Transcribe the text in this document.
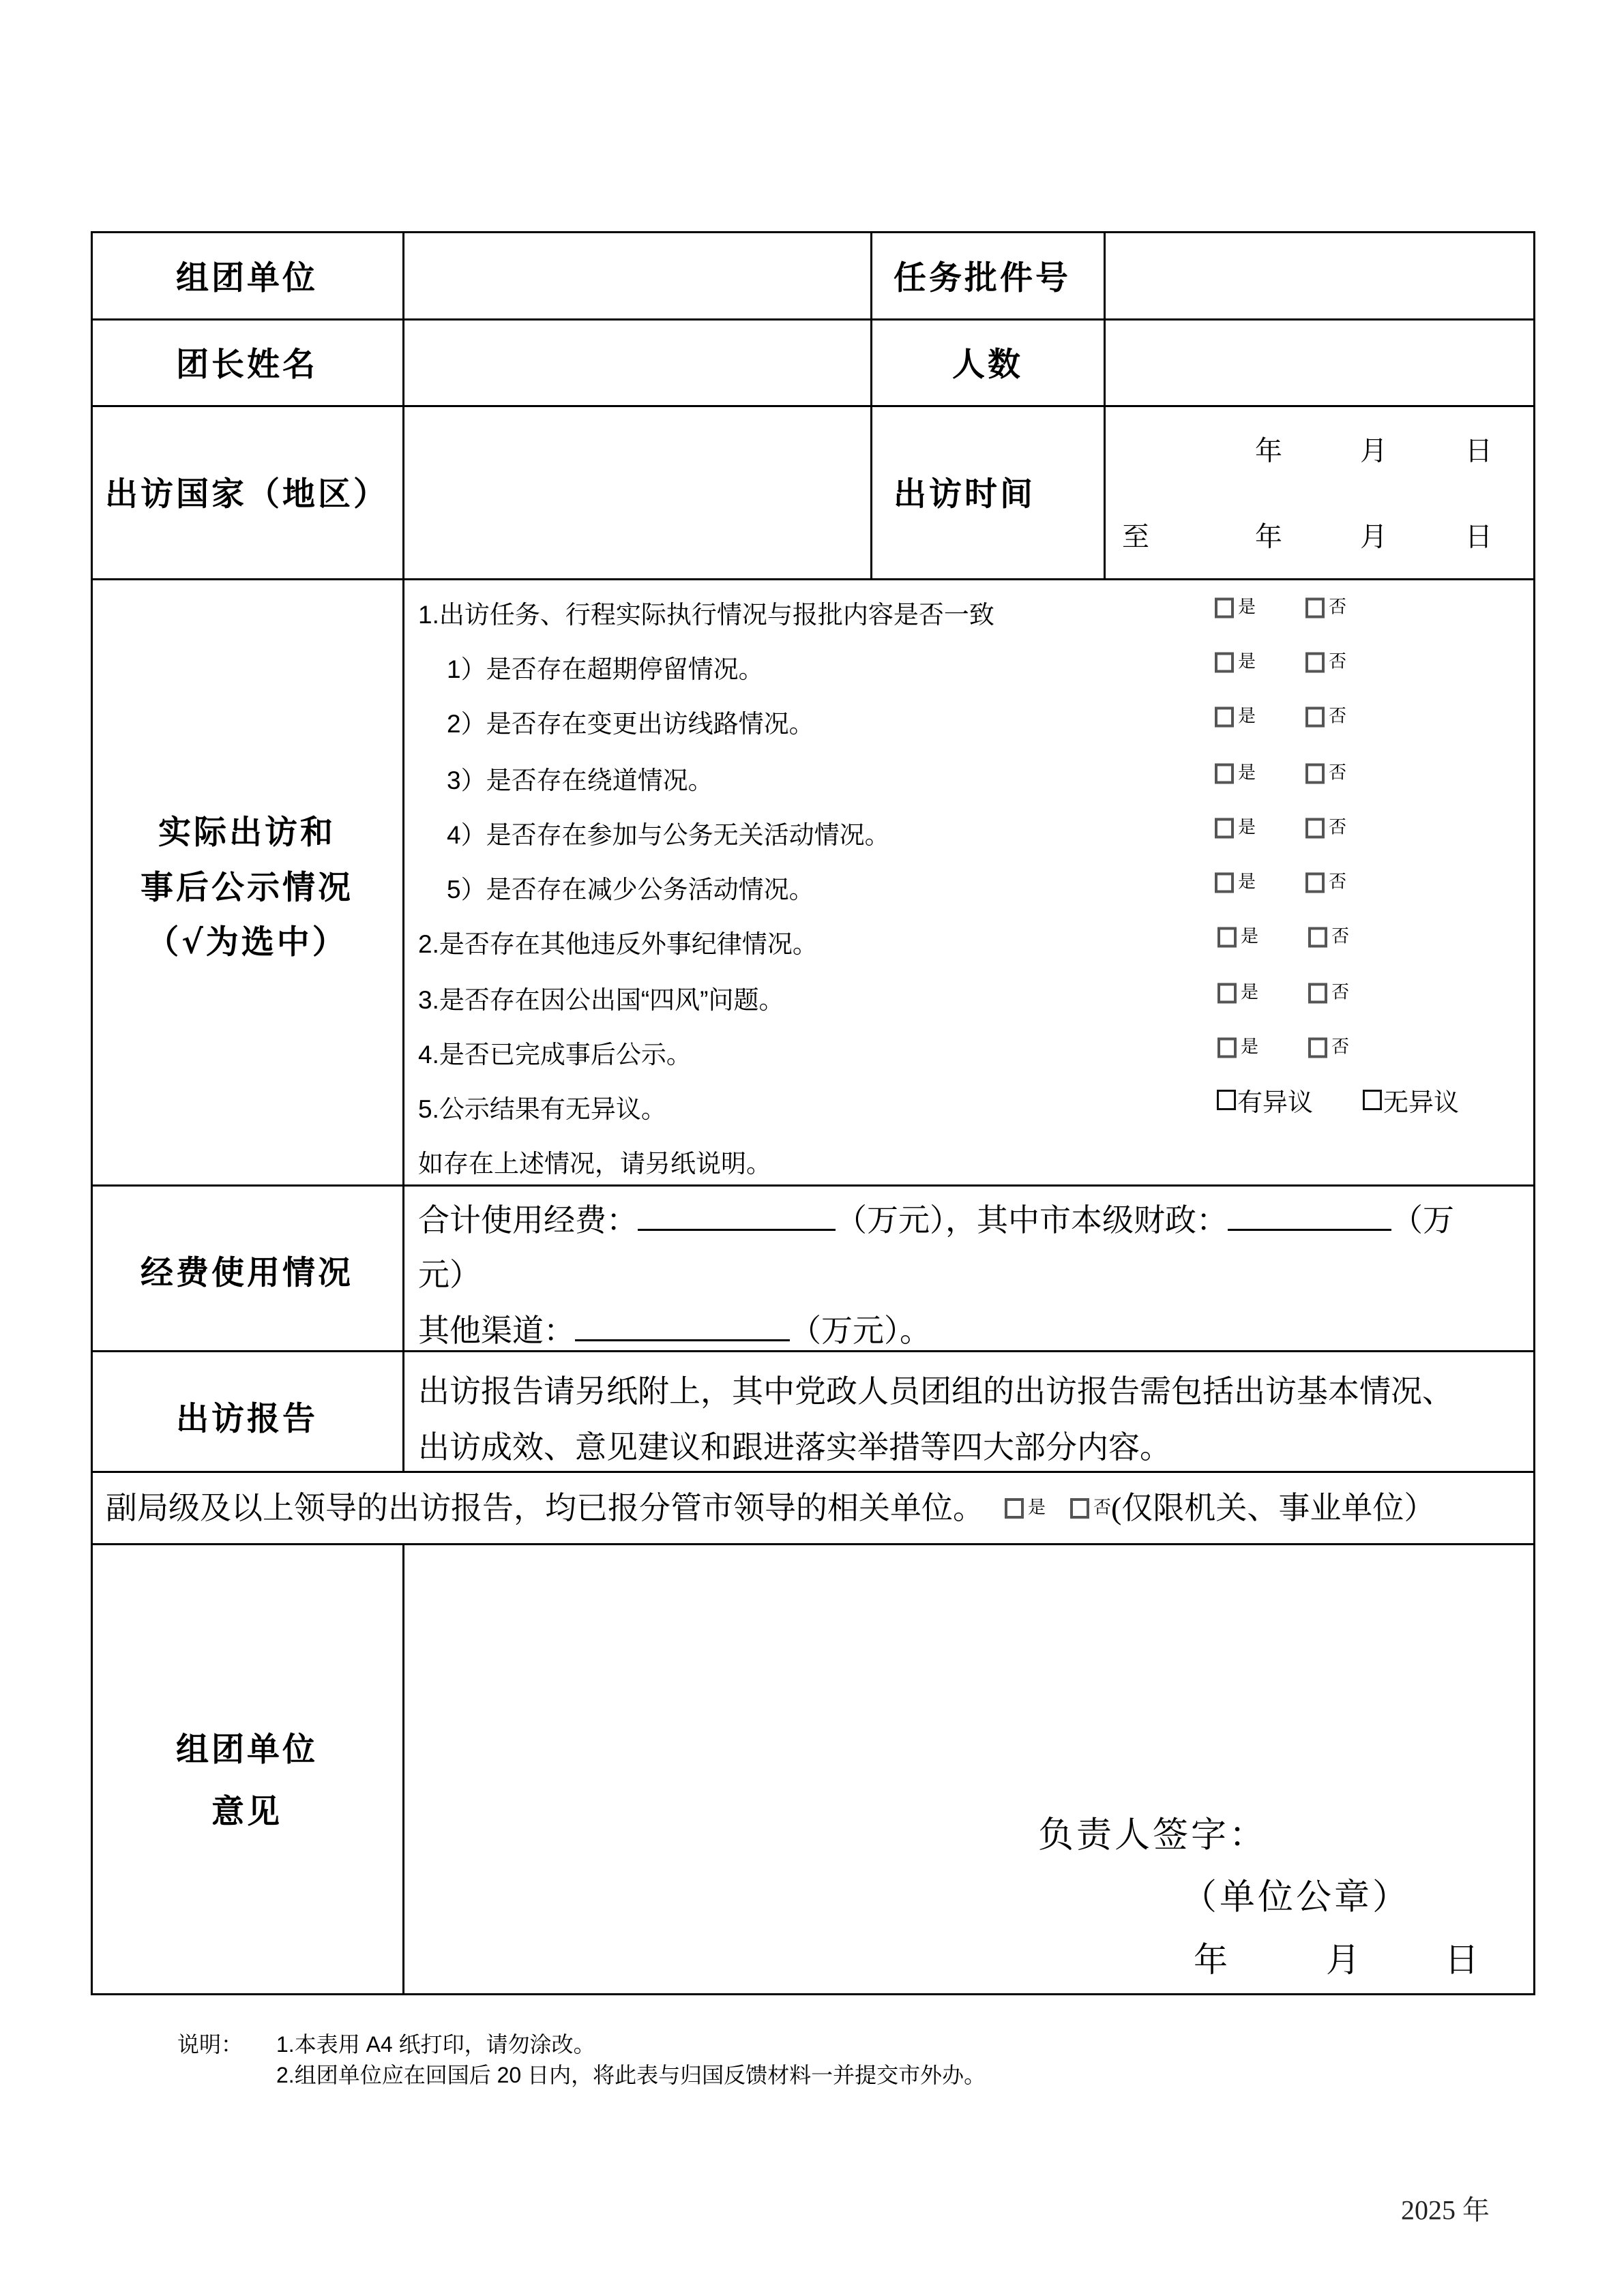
组团单位	任务批件号
团长姓名	人数
出访国家（地区）	出访时间
年	月	日
至	年	月	日
实际出访和
事后公示情况
（√为选中）
1.出访任务、行程实际执行情况与报批内容是否一致	是	否
1）是否存在超期停留情况。	是	否
2）是否存在变更出访线路情况。	是	否
3）是否存在绕道情况。	是	否
4）是否存在参加与公务无关活动情况。	是	否
5）是否存在减少公务活动情况。	是	否
2.是否存在其他违反外事纪律情况。	是	否
3.是否存在因公出国“四风”问题。	是	否
4.是否已完成事后公示。	是	否
5.公示结果有无异议。	有异议	无异议
如存在上述情况，请另纸说明。
经费使用情况
合计使用经费：	（万元），其中市本级财政：	（万
元）
其他渠道：	（万元）。
出访报告
出访报告请另纸附上，其中党政人员团组的出访报告需包括出访基本情况、
出访成效、意见建议和跟进落实举措等四大部分内容。
副局级及以上领导的出访报告，均已报分管市领导的相关单位。 是	否 (仅限机关、事业单位）
组团单位
意见
负责人签字：
（单位公章）
年	月 日
说明： 1.本表用 A4 纸打印，请勿涂改。
2.组团单位应在回国后 20 日内，将此表与归国反馈材料一并提交市外办。
2025 年
